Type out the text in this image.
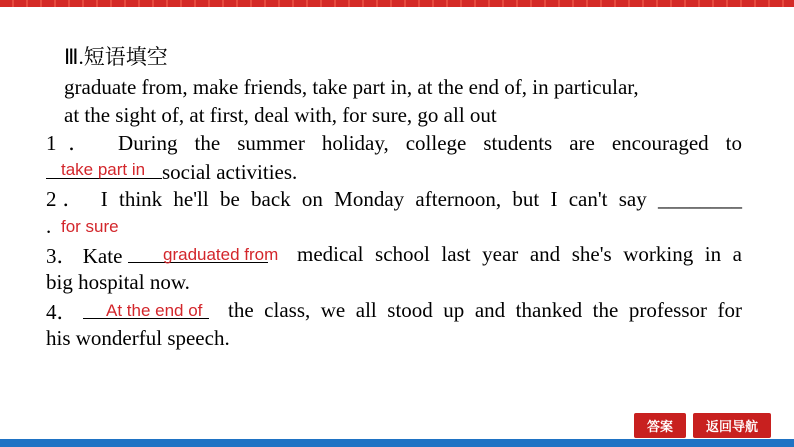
Ⅲ.短语填空
graduate from, make friends, take part in, at the end of, in particular,
at the sight of, at first, deal with, for sure, go all out
1． During the summer holiday, college students are encouraged to
social activities.
take part in
2． I think he'll be back on Monday afternoon, but I can't say ________
. for sure
3． Kate	medical school last year and she's working in a
graduated from
big hospital now.
4．	the class, we all stood up and thanked the professor for
At the end of
his wonderful speech.
答案	返回导航
